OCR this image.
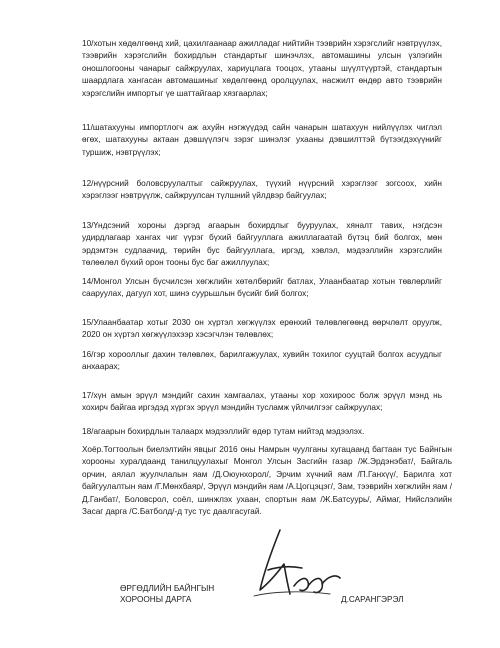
10/хотын хөдөлгөөнд хий, цахилгаанаар ажилладаг нийтийн тээврийн хэрэгслийг нэвтрүүлэх, тээврийн хэрэгслийн бохирдлын стандартыг шинэчлэх, автомашины улсын үзлэгийн оношлогооны чанарыг сайжруулах, хариуцлага тооцох, утааны шүүлтүүртэй, стандартын шаардлага хангасан автомашиныг хөдөлгөөнд оролцуулах, насжилт өндөр авто тээврийн хэрэгслийн импортыг үе шаттайгаар хязгаарлах;

11/шатахууны импортлогч аж ахуйн нэгжүүдэд сайн чанарын шатахуун нийлүүлэх чиглэл өгөх, шатахууны актаан дэвшүүлэгч зэрэг шинэлэг ухааны дэвшилттэй бүтээгдэхүүнийг туршиж, нэвтрүүлэх;

12/нүүрсний боловсруулалтыг сайжруулах, түүхий нүүрсний хэрэглээг зогсоох, хийн хэрэглээг нэвтрүүлж, сайжруулсан түлшний үйлдвэр байгуулах;

13/Үндсэний хороны дэргэд агаарын бохирдлыг бууруулах, хяналт тавих, нэгдсэн удирдлагаар хангах чиг үүрэг бүхий байгууллага ажиллагаатай бүтэц бий болгох, мөн эрдэмтэн судлаачид, төрийн бус байгууллага, иргэд, хэвлэл, мэдээллийн хэрэгслийн төлөөлөл бүхий орон тооны бус баг ажиллуулах;

14/Монгол Улсын бүсчилсэн хөгжлийн хөтөлбөрийг батлах, Улаанбаатар хотын төвлөрлийг сааруулах, дагуул хот, шинэ суурьшлын бүсийг бий болгох;

15/Улаанбаатар хотыг 2030 он хүртэл хөгжүүлэх ерөнхий төлөвлөгөөнд өөрчлөлт оруулж, 2020 он хүртэл хөгжүүлэхээр хэсэгчлэн төлөвлөх;

16/гэр хорооллыг дахин төлөвлөх, барилгажуулах, хувийн тохилог сууцтай болгох асуудлыг анхаарах;

17/хүн амын эрүүл мэндийг сахин хамгаалах, утааны хор хохироос болж эрүүл мэнд нь хохирч байгаа иргэдэд хүргэх эрүүл мэндийн тусламж үйлчилгээг сайжруулах;

18/агаарын бохирдлын талаарх мэдээллийг өдөр тутам нийтэд мэдээлэх.

Хоёр.Тогтоолын биелэлтийн явцыг 2016 оны Намрын чуулганы хугацаанд багтаан тус Байнгын хорооны хуралдаанд танилцуулахыг Монгол Улсын Засгийн газар /Ж.Эрдэнэбат/, Байгаль орчин, аялал жуулчлалын яам /Д.Оюунхорол/, Эрчим хүчний яам /П.Ганхүү/, Барилга хот байгуулалтын яам /Г.Мөнхбаяр/, Эрүүл мэндийн яам /А.Цогцэцэг/, Зам, тээврийн хөгжлийн яам /Д.Ганбат/, Боловсрол, соёл, шинжлэх ухаан, спортын яам /Ж.Батсуурь/, Аймаг, Нийслэлийн Засаг дарга /С.Батболд/-д тус тус даалгасугай.

ӨРГӨДЛИЙН БАЙНГЫН
ХОРООНЫ ДАРГА	Д.САРАНГЭРЭЛ
